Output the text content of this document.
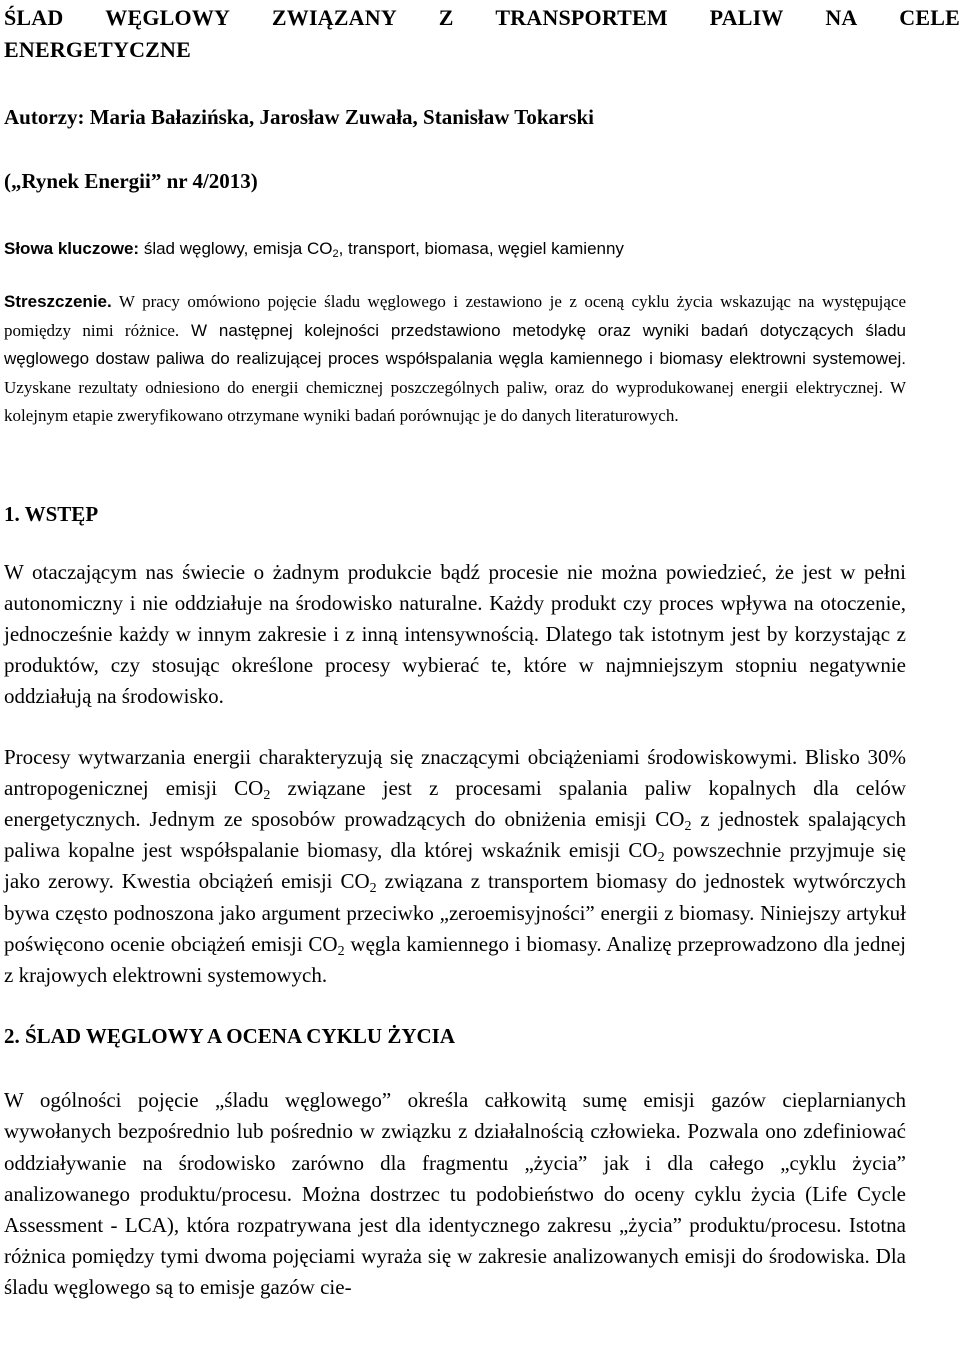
ŚLAD WĘGLOWY ZWIĄZANY Z TRANSPORTEM PALIW NA CELE
ENERGETYCZNE

Autorzy: Maria Bałazińska, Jarosław Zuwała, Stanisław Tokarski

(„Rynek Energii” nr 4/2013)

Słowa kluczowe: ślad węglowy, emisja $CO_2$, transport, biomasa, węgiel kamienny

Streszczenie. W pracy omówiono pojęcie śladu węglowego i zestawiono je z oceną cyklu życia wskazując na występujące pomiędzy nimi różnice. W następnej kolejności przedstawiono metodykę oraz wyniki badań dotyczących śladu węglowego dostaw paliwa do realizującej proces współspalania węgla kamiennego i biomasy elektrowni systemowej. Uzyskane rezultaty odniesiono do energii chemicznej poszczególnych paliw, oraz do wyprodukowanej energii elektrycznej. W kolejnym etapie zweryfikowano otrzymane wyniki badań porównując je do danych literaturowych.

1. WSTĘP

W otaczającym nas świecie o żadnym produkcie bądź procesie nie można powiedzieć, że jest w pełni autonomiczny i nie oddziałuje na środowisko naturalne. Każdy produkt czy proces wpływa na otoczenie, jednocześnie każdy w innym zakresie i z inną intensywnością. Dlatego tak istotnym jest by korzystając z produktów, czy stosując określone procesy wybierać te, które w najmniejszym stopniu negatywnie oddziałują na środowisko.

Procesy wytwarzania energii charakteryzują się znaczącymi obciążeniami środowiskowymi. Blisko 30% antropogenicznej emisji $CO_2$ związane jest z procesami spalania paliw kopalnych dla celów energetycznych. Jednym ze sposobów prowadzących do obniżenia emisji $CO_2$ z jednostek spalających paliwa kopalne jest współspalanie biomasy, dla której wskaźnik emisji $CO_2$ powszechnie przyjmuje się jako zerowy. Kwestia obciążeń emisji $CO_2$ związana z transportem biomasy do jednostek wytwórczych bywa często podnoszona jako argument przeciwko „zeroemisyjności” energii z biomasy. Niniejszy artykuł poświęcono ocenie obciążeń emisji $CO_2$ węgla kamiennego i biomasy. Analizę przeprowadzono dla jednej z krajowych elektrowni systemowych.

2. ŚLAD WĘGLOWY A OCENA CYKLU ŻYCIA

W ogólności pojęcie „śladu węglowego” określa całkowitą sumę emisji gazów cieplarnianych wywołanych bezpośrednio lub pośrednio w związku z działalnością człowieka. Pozwala ono zdefiniować oddziaływanie na środowisko zarówno dla fragmentu „życia” jak i dla całego „cyklu życia” analizowanego produktu/procesu. Można dostrzec tu podobieństwo do oceny cyklu życia (Life Cycle Assessment - LCA), która rozpatrywana jest dla identycznego zakresu „życia” produktu/procesu. Istotna różnica pomiędzy tymi dwoma pojęciami wyraża się w zakresie analizowanych emisji do środowiska. Dla śladu węglowego są to emisje gazów cie-
